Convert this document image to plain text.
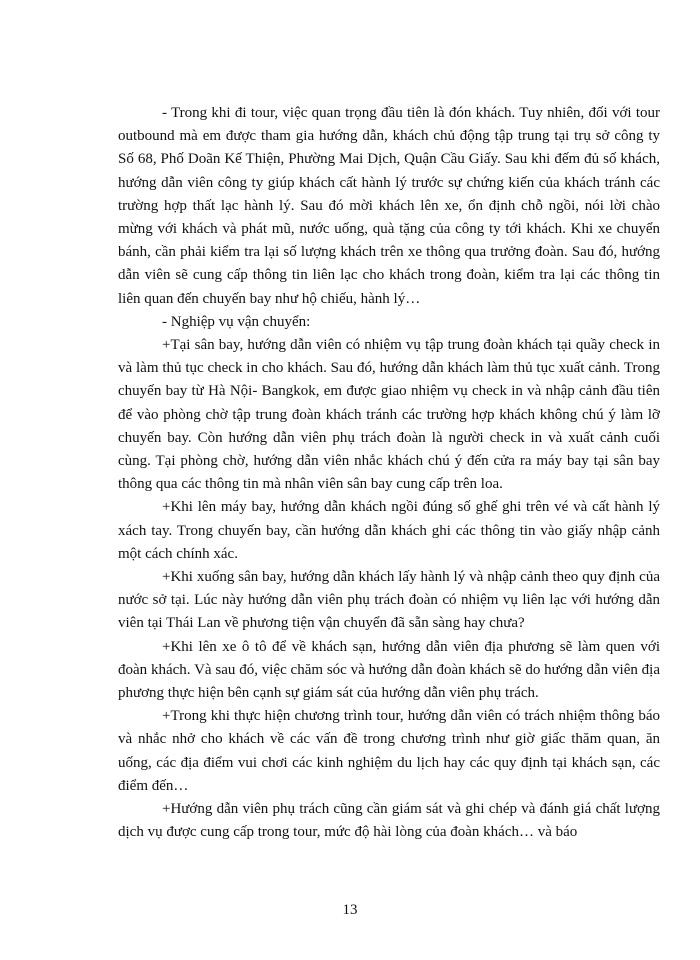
- Trong khi đi tour, việc quan trọng đầu tiên là đón khách. Tuy nhiên, đối với tour outbound mà em được tham gia hướng dẫn, khách chủ động tập trung tại trụ sở công ty Số 68, Phố Doãn Kế Thiện, Phường Mai Dịch, Quận Cầu Giấy. Sau khi đếm đủ số khách, hướng dẫn viên công ty giúp khách cất hành lý trước sự chứng kiến của khách tránh các trường hợp thất lạc hành lý. Sau đó mời khách lên xe, ổn định chỗ ngồi, nói lời chào mừng với khách và phát mũ, nước uống, quà tặng của công ty tới khách. Khi xe chuyển bánh, cần phải kiểm tra lại số lượng khách trên xe thông qua trưởng đoàn. Sau đó, hướng dẫn viên sẽ cung cấp thông tin liên lạc cho khách trong đoàn, kiểm tra lại các thông tin liên quan đến chuyến bay như hộ chiếu, hành lý…

- Nghiệp vụ vận chuyển:

+Tại sân bay, hướng dẫn viên có nhiệm vụ tập trung đoàn khách tại quầy check in và làm thủ tục check in cho khách. Sau đó, hướng dẫn khách làm thủ tục xuất cảnh. Trong chuyến bay từ Hà Nội- Bangkok, em được giao nhiệm vụ check in và nhập cảnh đầu tiên để vào phòng chờ tập trung đoàn khách tránh các trường hợp khách không chú ý làm lỡ chuyến bay. Còn hướng dẫn viên phụ trách đoàn là người check in và xuất cảnh cuối cùng. Tại phòng chờ, hướng dẫn viên nhắc khách chú ý đến cửa ra máy bay tại sân bay thông qua các thông tin mà nhân viên sân bay cung cấp trên loa.

+Khi lên máy bay, hướng dẫn khách ngồi đúng số ghế ghi trên vé và cất hành lý xách tay. Trong chuyến bay, cần hướng dẫn khách ghi các thông tin vào giấy nhập cảnh một cách chính xác.

+Khi xuống sân bay, hướng dẫn khách lấy hành lý và nhập cảnh theo quy định của nước sở tại. Lúc này hướng dẫn viên phụ trách đoàn có nhiệm vụ liên lạc với hướng dẫn viên tại Thái Lan về phương tiện vận chuyển đã sẵn sàng hay chưa?

+Khi lên xe ô tô để về khách sạn, hướng dẫn viên địa phương sẽ làm quen với đoàn khách. Và sau đó, việc chăm sóc và hướng dẫn đoàn khách sẽ do hướng dẫn viên địa phương thực hiện bên cạnh sự giám sát của hướng dẫn viên phụ trách.

+Trong khi thực hiện chương trình tour, hướng dẫn viên có trách nhiệm thông báo và nhắc nhở cho khách về các vấn đề trong chương trình như giờ giấc thăm quan, ăn uống, các địa điểm vui chơi các kinh nghiệm du lịch hay các quy định tại khách sạn, các điểm đến…

+Hướng dẫn viên phụ trách cũng cần giám sát và ghi chép và đánh giá chất lượng dịch vụ được cung cấp trong tour, mức độ hài lòng của đoàn khách… và báo

13
